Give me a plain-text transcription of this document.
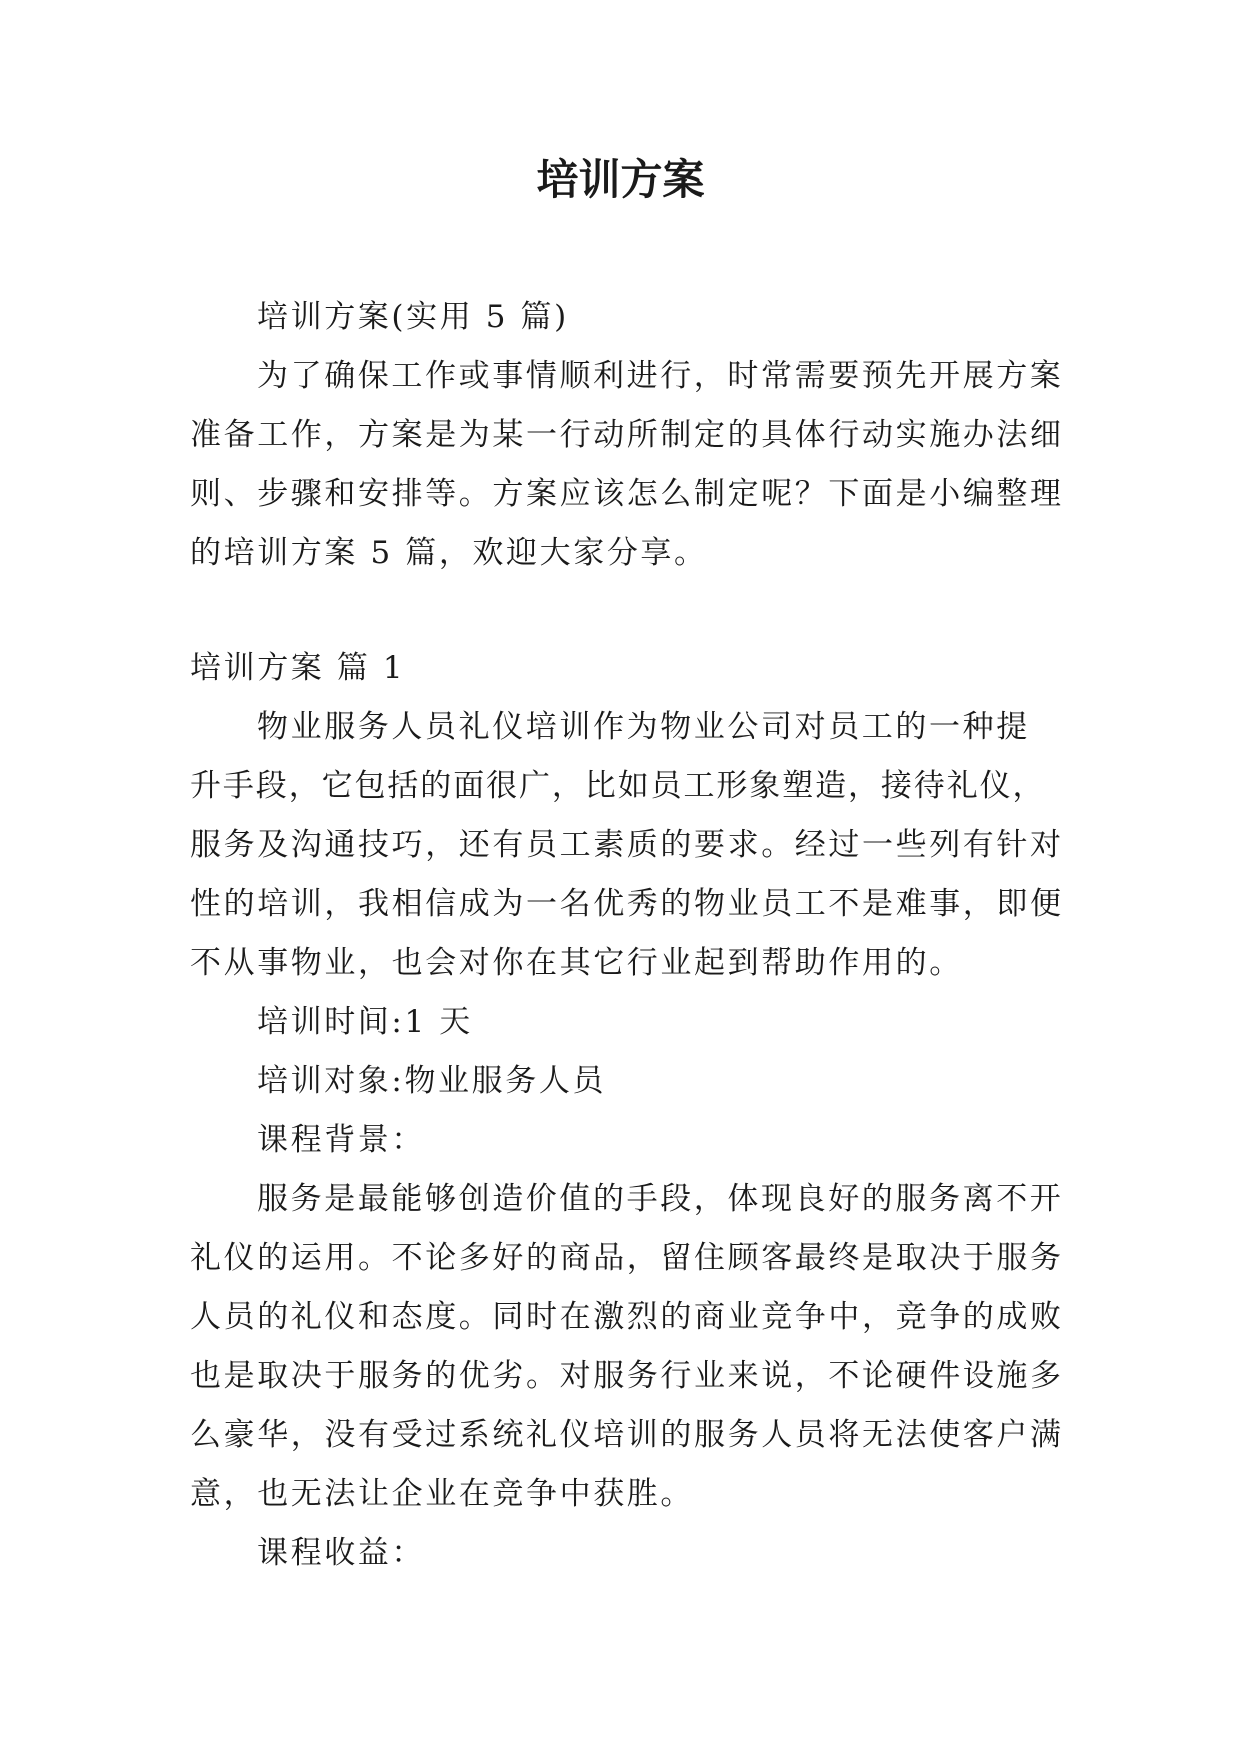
培训方案

培训方案(实用 5 篇)

为了确保工作或事情顺利进行，时常需要预先开展方案

准备工作，方案是为某一行动所制定的具体行动实施办法细

则、步骤和安排等。方案应该怎么制定呢？下面是小编整理

的培训方案 5 篇，欢迎大家分享。

培训方案 篇 1

物业服务人员礼仪培训作为物业公司对员工的一种提

升手段，它包括的面很广，比如员工形象塑造，接待礼仪，

服务及沟通技巧，还有员工素质的要求。经过一些列有针对

性的培训，我相信成为一名优秀的物业员工不是难事，即便

不从事物业，也会对你在其它行业起到帮助作用的。

培训时间:1 天

培训对象:物业服务人员

课程背景：

服务是最能够创造价值的手段，体现良好的服务离不开

礼仪的运用。不论多好的商品，留住顾客最终是取决于服务

人员的礼仪和态度。同时在激烈的商业竞争中，竞争的成败

也是取决于服务的优劣。对服务行业来说，不论硬件设施多

么豪华，没有受过系统礼仪培训的服务人员将无法使客户满

意，也无法让企业在竞争中获胜。

课程收益：
